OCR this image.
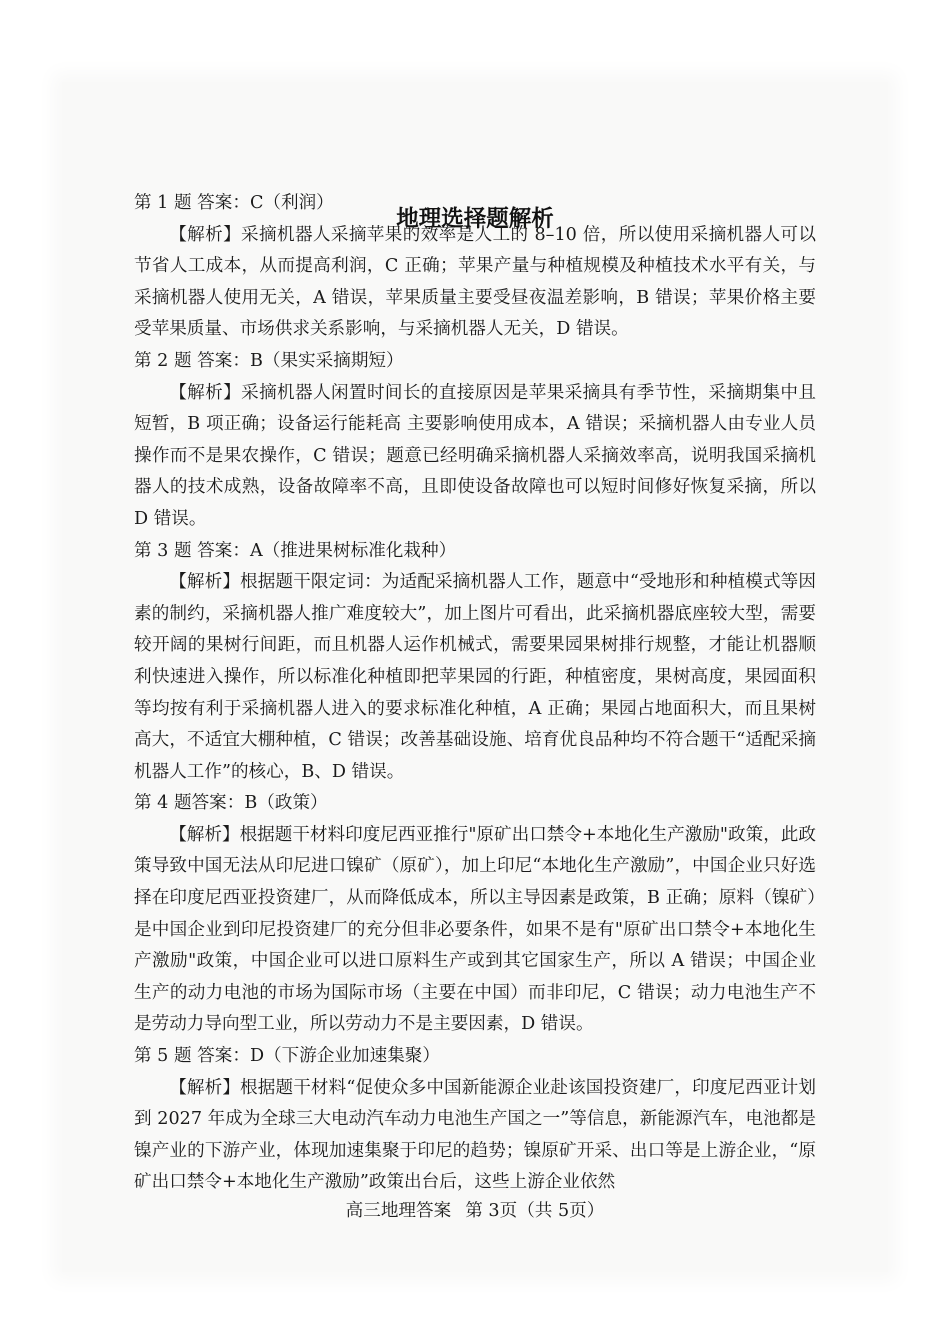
地理选择题解析

第 1 题 答案：C（利润）

【解析】采摘机器人采摘苹果的效率是人工的 8–10 倍，所以使用采摘机器人可以节省人工成本，从而提高利润，C 正确；苹果产量与种植规模及种植技术水平有关，与采摘机器人使用无关，A 错误，苹果质量主要受昼夜温差影响，B 错误；苹果价格主要受苹果质量、市场供求关系影响，与采摘机器人无关，D 错误。

第 2 题 答案：B（果实采摘期短）

【解析】采摘机器人闲置时间长的直接原因是苹果采摘具有季节性，采摘期集中且短暂，B 项正确；设备运行能耗高 主要影响使用成本，A 错误；采摘机器人由专业人员操作而不是果农操作，C 错误；题意已经明确采摘机器人采摘效率高，说明我国采摘机器人的技术成熟，设备故障率不高，且即使设备故障也可以短时间修好恢复采摘，所以 D 错误。

第 3 题 答案：A（推进果树标准化栽种）

【解析】根据题干限定词：为适配采摘机器人工作，题意中“受地形和种植模式等因素的制约，采摘机器人推广难度较大”，加上图片可看出，此采摘机器底座较大型，需要较开阔的果树行间距，而且机器人运作机械式，需要果园果树排行规整，才能让机器顺利快速进入操作，所以标准化种植即把苹果园的行距，种植密度，果树高度，果园面积等均按有利于采摘机器人进入的要求标准化种植，A 正确；果园占地面积大，而且果树高大，不适宜大棚种植，C 错误；改善基础设施、培育优良品种均不符合题干“适配采摘机器人工作”的核心，B、D 错误。

第 4 题答案：B（政策）

【解析】根据题干材料印度尼西亚推行"原矿出口禁令+本地化生产激励"政策，此政策导致中国无法从印尼进口镍矿（原矿），加上印尼“本地化生产激励”，中国企业只好选择在印度尼西亚投资建厂，从而降低成本，所以主导因素是政策，B 正确；原料（镍矿）是中国企业到印尼投资建厂的充分但非必要条件，如果不是有"原矿出口禁令+本地化生产激励"政策，中国企业可以进口原料生产或到其它国家生产，所以 A 错误；中国企业生产的动力电池的市场为国际市场（主要在中国）而非印尼，C 错误；动力电池生产不是劳动力导向型工业，所以劳动力不是主要因素，D 错误。

第 5 题 答案：D（下游企业加速集聚）

【解析】根据题干材料“促使众多中国新能源企业赴该国投资建厂，印度尼西亚计划到 2027 年成为全球三大电动汽车动力电池生产国之一”等信息，新能源汽车，电池都是镍产业的下游产业，体现加速集聚于印尼的趋势；镍原矿开采、出口等是上游企业，“原矿出口禁令+本地化生产激励”政策出台后，这些上游企业依然

高三地理答案 第 3页（共 5页）
